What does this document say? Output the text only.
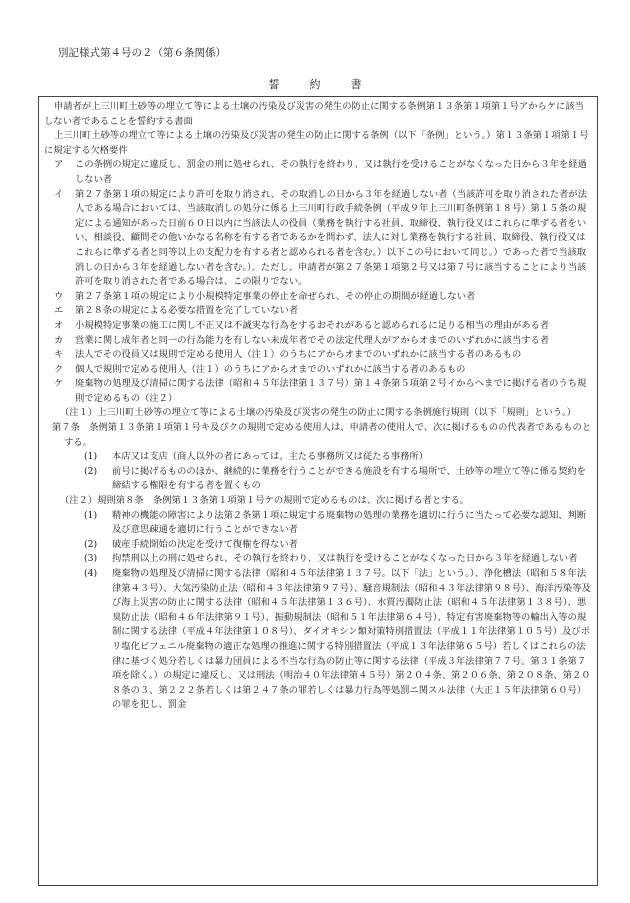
別記様式第４号の２（第６条関係）
誓約書

申請者が上三川町土砂等の埋立て等による土壌の汚染及び災害の発生の防止に関する条例第１３条第１項第１号アからケに該当しない者であることを誓約する書面

上三川町土砂等の埋立て等による土壌の汚染及び災害の発生の防止に関する条例（以下「条例」という。）第１３条第１項第１号に規定する欠格要件

ア	この条例の規定に違反し、罰金の刑に処せられ、その執行を終わり、又は執行を受けることがなくなった日から３年を経過しない者
イ	第２７条第１項の規定により許可を取り消され、その取消しの日から３年を経過しない者（当該許可を取り消された者が法人である場合においては、当該取消しの処分に係る上三川町行政手続条例（平成９年上三川町条例第１８号）第１５条の規定による通知があった日前６０日以内に当該法人の役員（業務を執行する社員、取締役、執行役又はこれらに準ずる者をいい、相談役、顧問その他いかなる名称を有する者であるかを問わず、法人に対し業務を執行する社員、取締役、執行役又はこれらに準ずる者と同等以上の支配力を有する者と認められる者を含む。）以下この号において同じ。）であった者で当該取消しの日から３年を経過しない者を含む。）。ただし、申請者が第２７条第１項第２号又は第７号に該当することにより当該許可を取り消された者である場合は、この限りでない。
ウ	第２７条第１項の規定により小規模特定事業の停止を命ぜられ、その停止の期間が経過しない者
エ	第２８条の規定による必要な措置を完了していない者
オ	小規模特定事業の施工に関し不正又は不誠実な行為をするおそれがあると認められるに足りる相当の理由がある者
カ	営業に関し成年者と同一の行為能力を有しない未成年者でその法定代理人がアからオまでのいずれかに該当する者
キ	法人でその役員又は規則で定める使用人（注１）のうちにアからオまでのいずれかに該当する者のあるもの
ク	個人で規則で定める使用人（注１）のうちにアからオまでのいずれかに該当する者のあるもの
ケ	廃棄物の処理及び清掃に関する法律（昭和４５年法律第１３７号）第１４条第５項第２号イからへまでに掲げる者のうち規則で定めるもの（注２）
（注１） 上三川町土砂等の埋立て等による土壌の汚染及び災害の発生の防止に関する条例施行規則（以下「規則」という。）

第７条　条例第１３条第１項第１号キ及びクの規則で定める使用人は、申請者の使用人で、次に掲げるものの代表者であるものとする。

(1)	本店又は支店（商人以外の者にあっては、主たる事務所又は従たる事務所）
(2)	前号に掲げるもののほか、継続的に業務を行うことができる施設を有する場所で、土砂等の埋立て等に係る契約を締結する権限を有する者を置くもの
（注２） 規則第８条　条例第１３条第１項第１号ケの規則で定めるものは、次に掲げる者とする。
(1)	精神の機能の障害により法第２条第１項に規定する廃棄物の処理の業務を適切に行うに当たって必要な認知、判断及び意思疎通を適切に行うことができない者
(2)	破産手続開始の決定を受けて復権を得ない者
(3)	拘禁刑以上の刑に処せられ、その執行を終わり、又は執行を受けることがなくなった日から３年を経過しない者
(4)	廃棄物の処理及び清掃に関する法律（昭和４５年法律第１３７号。以下「法」という。）、浄化槽法（昭和５８年法律第４３号）、大気汚染防止法（昭和４３年法律第９７号）、騒音規制法（昭和４３年法律第９８号）、海洋汚染等及び海上災害の防止に関する法律（昭和４５年法律第１３６号）、水質汚濁防止法（昭和４５年法律第１３８号）、悪臭防止法（昭和４６年法律第９１号）、振動規制法（昭和５１年法律第６４号）、特定有害廃棄物等の輸出入等の規制に関する法律（平成４年法律第１０８号）、ダイオキシン類対策特別措置法（平成１１年法律第１０５号）及びポリ塩化ビフェニル廃棄物の適正な処理の推進に関する特別措置法（平成１３年法律第６５号）若しくはこれらの法律に基づく処分若しくは暴力団員による不当な行為の防止等に関する法律（平成３年法律第７７号。第３１条第７項を除く。）の規定に違反し、又は刑法（明治４０年法律第４５号）第２０４条、第２０６条、第２０８条、第２０８条の３、第２２２条若しくは第２４７条の罪若しくは暴力行為等処罰ニ関スル法律（大正１５年法律第６０号）の罪を犯し、罰金
